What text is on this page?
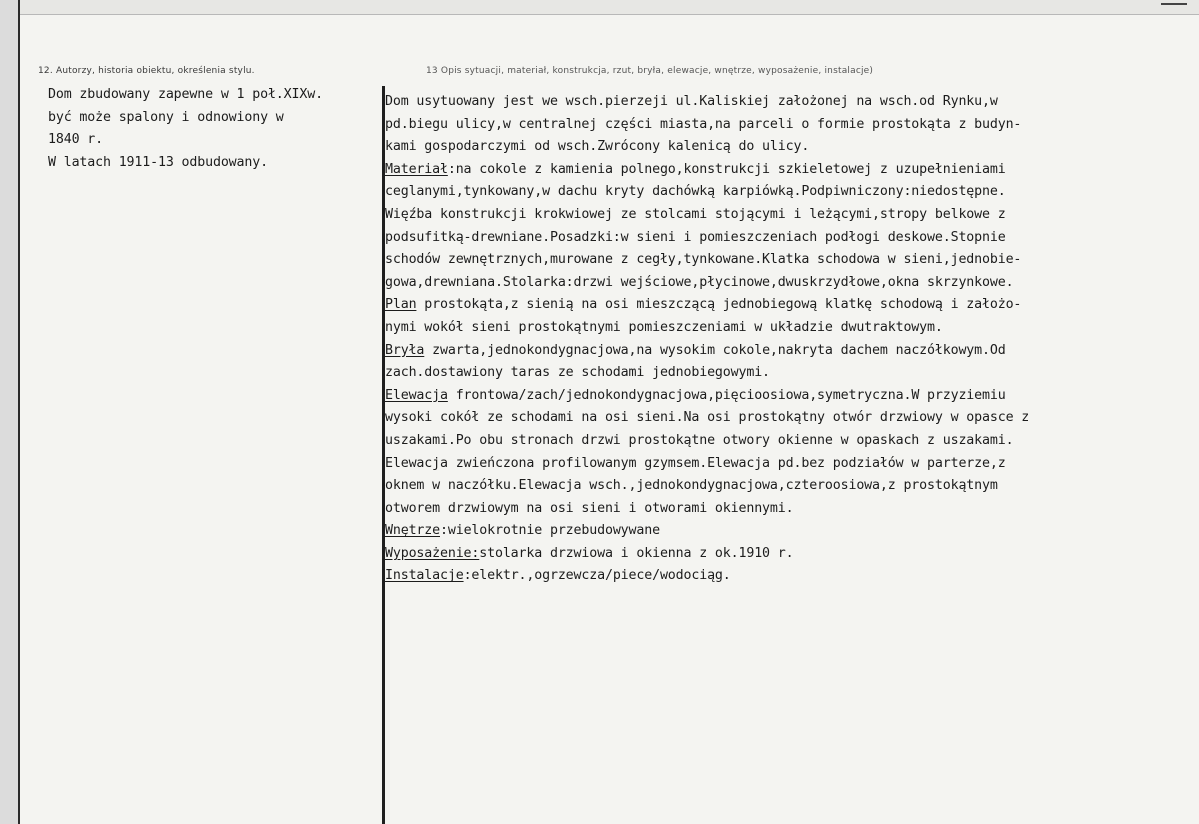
12. Autorzy, historia obiektu, określenia stylu.	13 Opis sytuacji, materiał, konstrukcja, rzut, bryła, elewacje, wnętrze, wyposażenie, instalacje)
Dom zbudowany zapewne w 1 poł.XIXw.
być może spalony i odnowiony w
1840 r.
W latach 1911-13 odbudowany.
Dom usytuowany jest we wsch.pierzeji ul.Kaliskiej założonej na wsch.od Rynku,w
pd.biegu ulicy,w centralnej części miasta,na parceli o formie prostokąta z budyn-
kami gospodarczymi od wsch.Zwrócony kalenicą do ulicy.
Materiał:na cokole z kamienia polnego,konstrukcji szkieletowej z uzupełnieniami
ceglanymi,tynkowany,w dachu kryty dachówką karpiówką.Podpiwniczony:niedostępne.
Więźba konstrukcji krokwiowej ze stolcami stojącymi i leżącymi,stropy belkowe z
podsufitką-drewniane.Posadzki:w sieni i pomieszczeniach podłogi deskowe.Stopnie
schodów zewnętrznych,murowane z cegły,tynkowane.Klatka schodowa w sieni,jednobie-
gowa,drewniana.Stolarka:drzwi wejściowe,płycinowe,dwuskrzydłowe,okna skrzynkowe.
Plan prostokąta,z sienią na osi mieszczącą jednobiegową klatkę schodową i założo-
nymi wokół sieni prostokątnymi pomieszczeniami w układzie dwutraktowym.
Bryła zwarta,jednokondygnacjowa,na wysokim cokole,nakryta dachem naczółkowym.Od
zach.dostawiony taras ze schodami jednobiegowymi.
Elewacja frontowa/zach/jednokondygnacjowa,pięcioosiowa,symetryczna.W przyziemiu
wysoki cokół ze schodami na osi sieni.Na osi prostokątny otwór drzwiowy w opasce z
uszakami.Po obu stronach drzwi prostokątne otwory okienne w opaskach z uszakami.
Elewacja zwieńczona profilowanym gzymsem.Elewacja pd.bez podziałów w parterze,z
oknem w naczółku.Elewacja wsch.,jednokondygnacjowa,czteroosiowa,z prostokątnym
otworem drzwiowym na osi sieni i otworami okiennymi.
Wnętrze:wielokrotnie przebudowywane
Wyposażenie:stolarka drzwiowa i okienna z ok.1910 r.
Instalacje:elektr.,ogrzewcza/piece/wodociąg.
